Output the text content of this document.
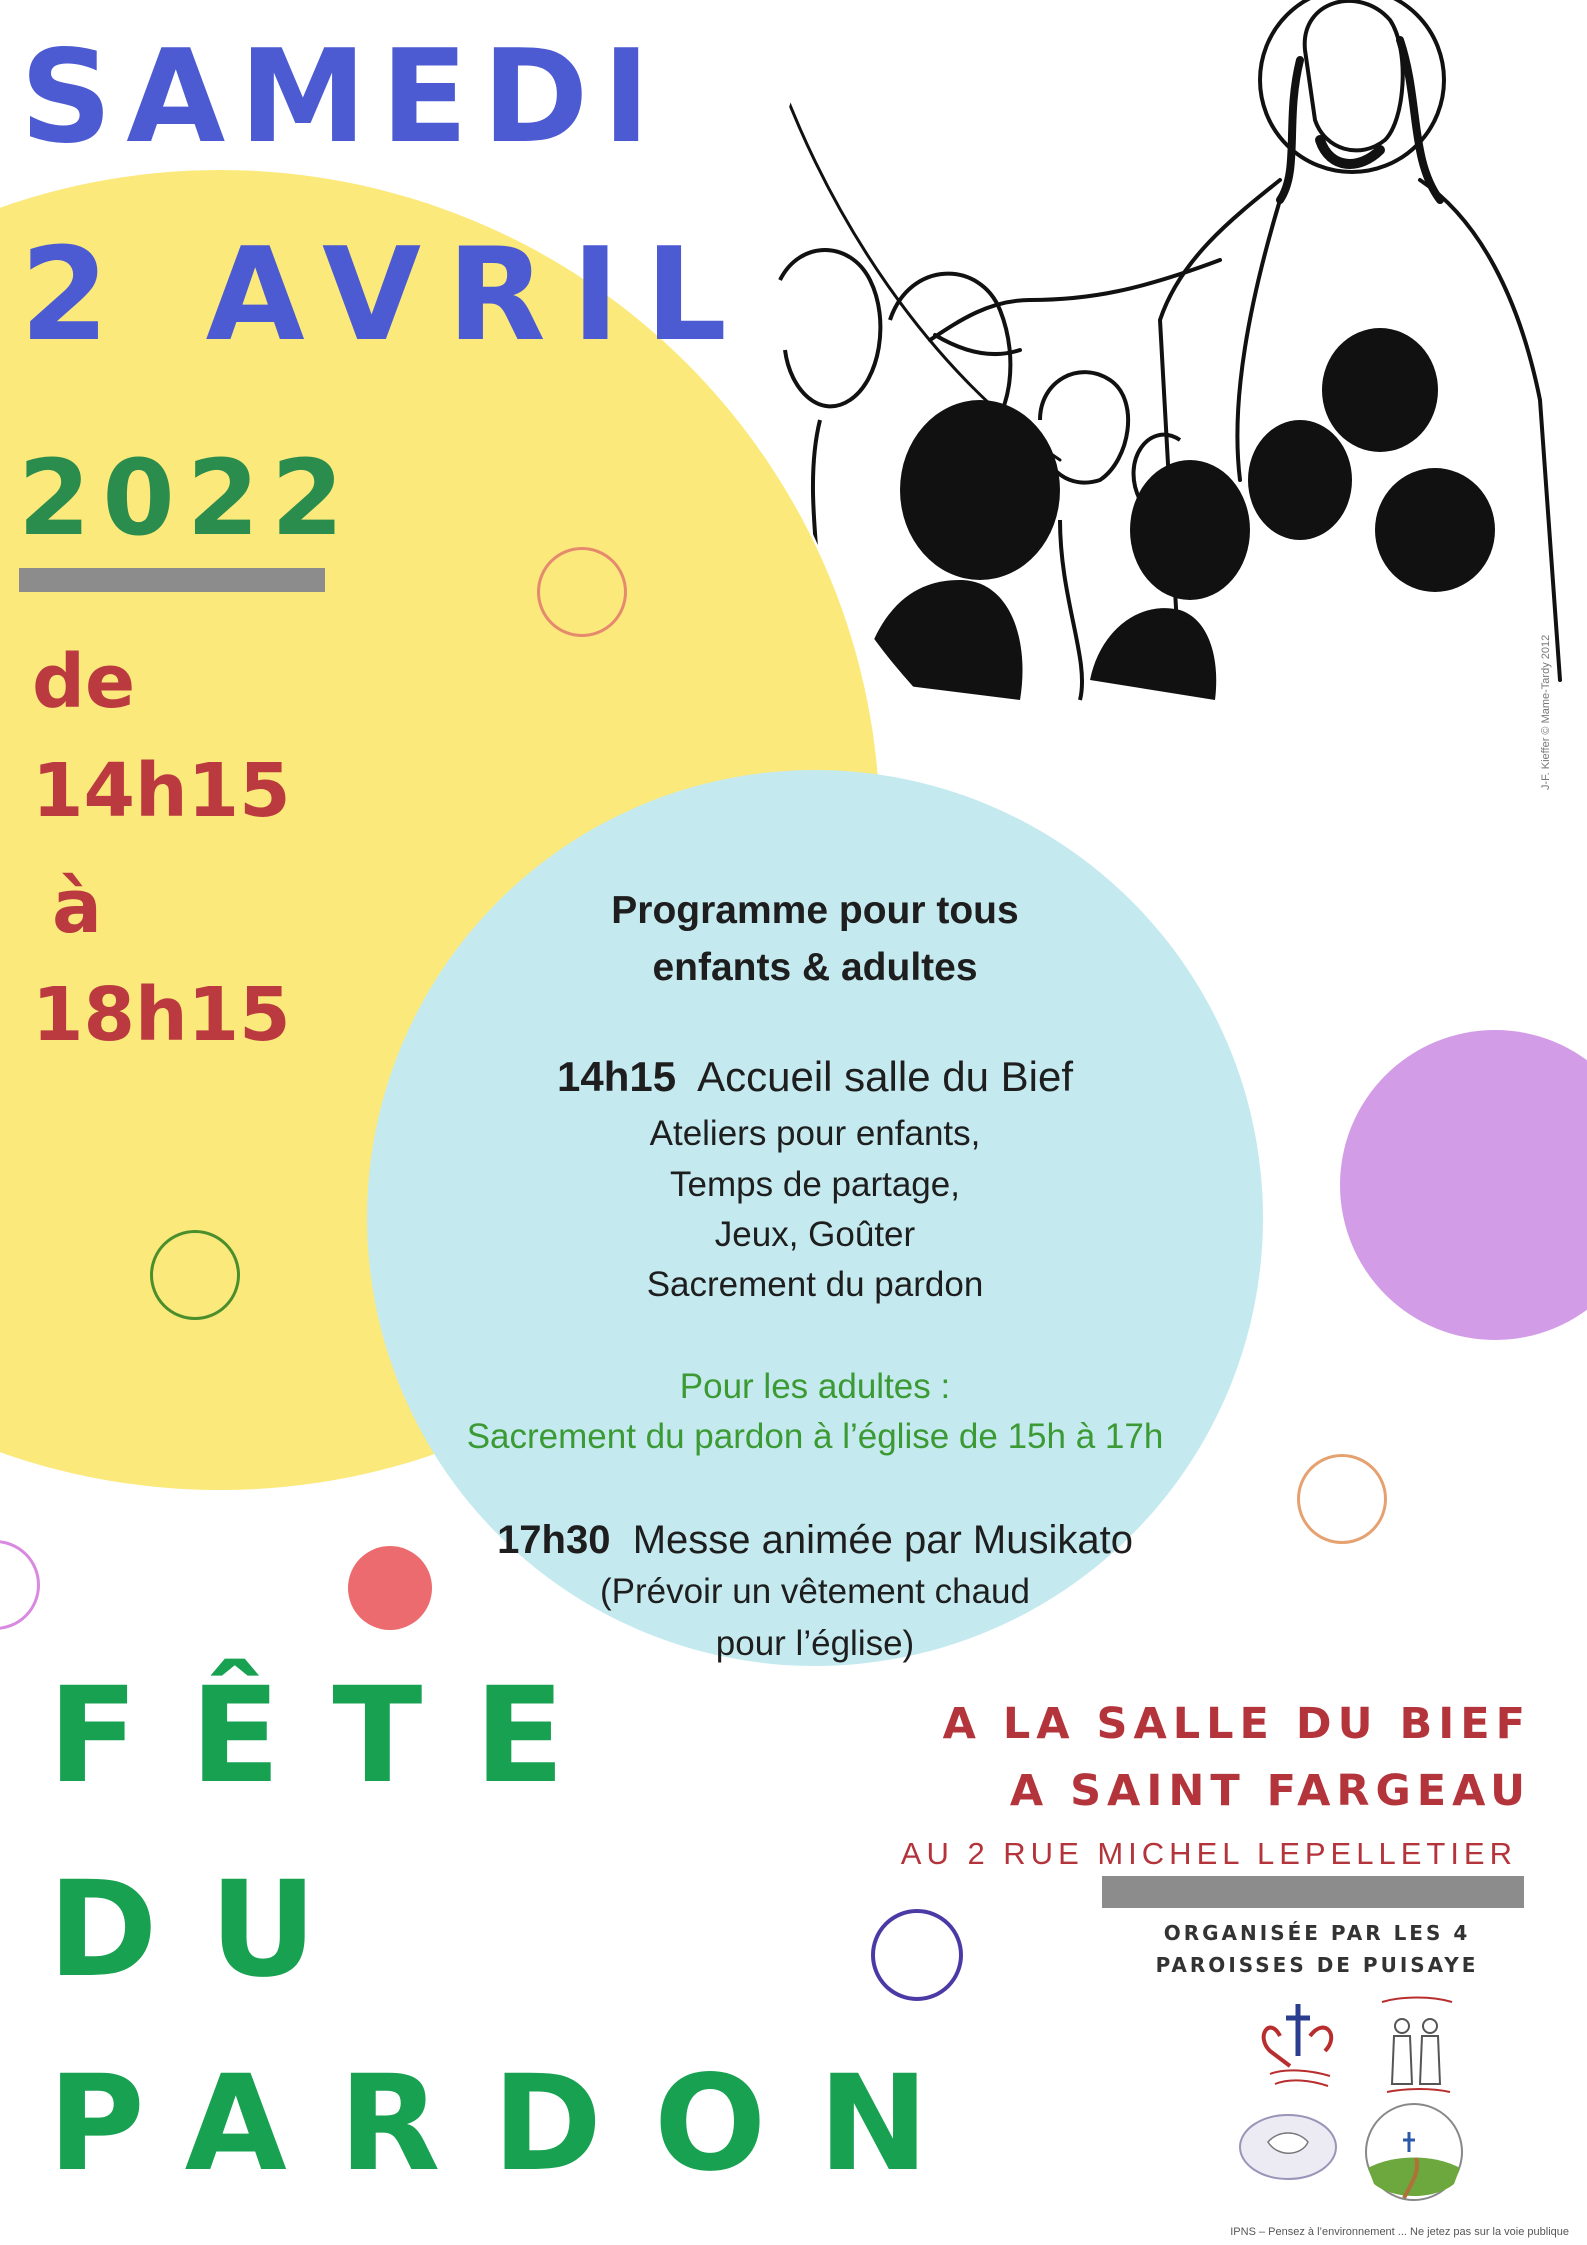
SAMEDI
2 AVRIL
2022
de
14h15
à
18h15
Programme pour tous
enfants & adultes
14h15 Accueil salle du Bief
Ateliers pour enfants,
Temps de partage,
Jeux, Goûter
Sacrement du pardon
Pour les adultes :
Sacrement du pardon à l’église de 15h à 17h
17h30 Messe animée par Musikato
(Prévoir un vêtement chaud
pour l’église)
FÊTE
DU
PARDON
A LA SALLE DU BIEF
A SAINT FARGEAU
AU 2 RUE MICHEL LEPELLETIER
ORGANISÉE PAR LES 4
PAROISSES DE PUISAYE
J-F. Kieffer © Mame-Tardy 2012
IPNS – Pensez à l’environnement ... Ne jetez pas sur la voie publique
